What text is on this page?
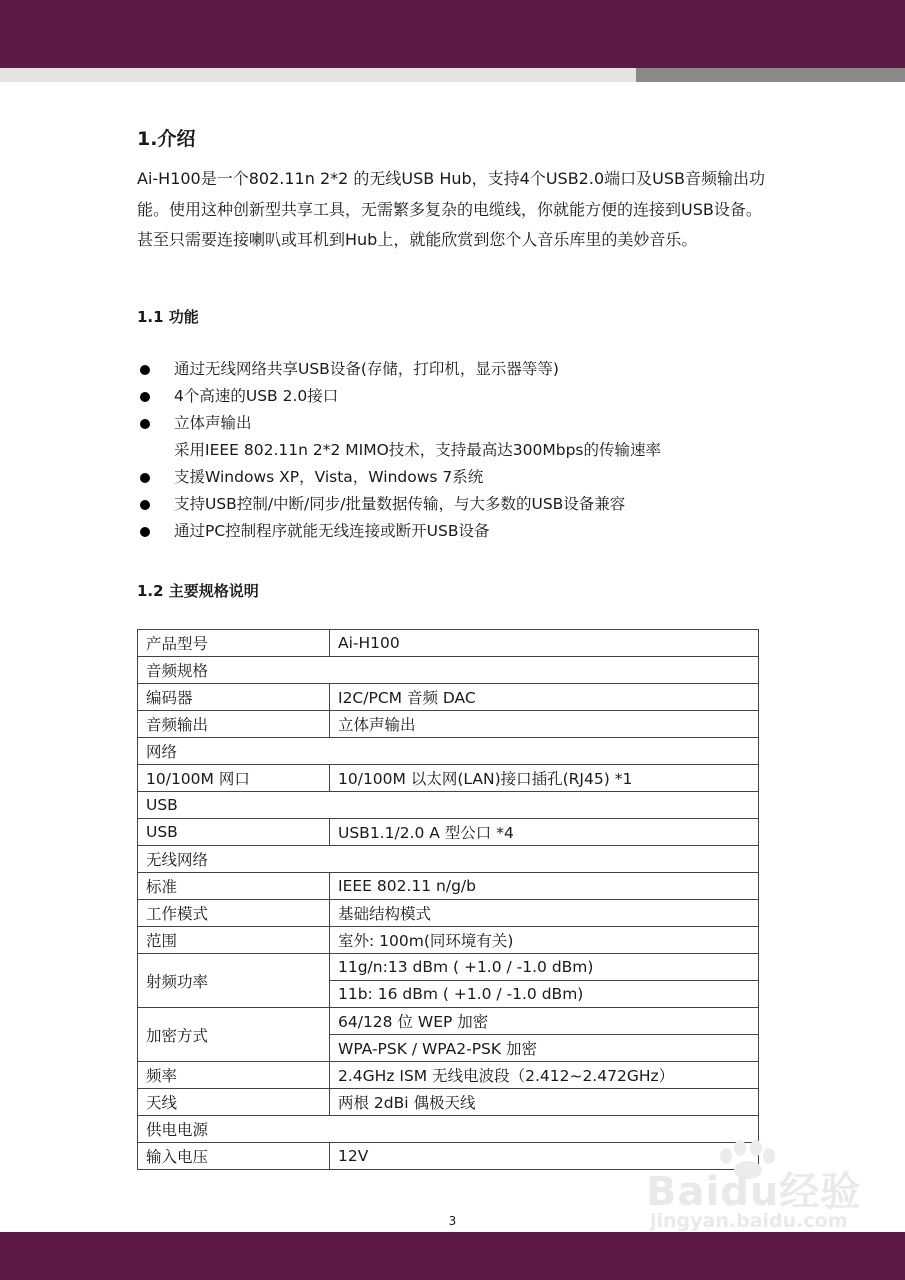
1.介绍

Ai-H100是一个802.11n 2*2 的无线USB Hub，支持4个USB2.0端口及USB音频输出功能。使用这种创新型共享工具，无需繁多复杂的电缆线，你就能方便的连接到USB设备。甚至只需要连接喇叭或耳机到Hub上，就能欣赏到您个人音乐库里的美妙音乐。

1.1 功能
通过无线网络共享USB设备(存储，打印机，显示器等等)
4个高速的USB 2.0接口
立体声输出
采用IEEE 802.11n 2*2 MIMO技术，支持最高达300Mbps的传输速率
支援Windows XP，Vista，Windows 7系统
支持USB控制/中断/同步/批量数据传输，与大多数的USB设备兼容
通过PC控制程序就能无线连接或断开USB设备
1.2 主要规格说明
产品型号	Ai-H100
音频规格	
编码器	I2C/PCM 音频 DAC
音频输出	立体声输出
网络	
10/100M 网口	10/100M 以太网(LAN)接口插孔(RJ45) *1
USB	
USB	USB1.1/2.0 A 型公口 *4
无线网络	
标准	IEEE 802.11 n/g/b
工作模式	基础结构模式
范围	室外: 100m(同环境有关)
射频功率	11g/n:13 dBm ( +1.0 / -1.0 dBm)
	11b: 16 dBm ( +1.0 / -1.0 dBm)
加密方式	64/128 位 WEP 加密
	WPA-PSK / WPA2-PSK 加密
频率	2.4GHz ISM 无线电波段（2.412~2.472GHz）
天线	两根 2dBi 偶极天线
供电电源	
输入电压	12V
Baidu经验
jingyan.baidu.com
3
